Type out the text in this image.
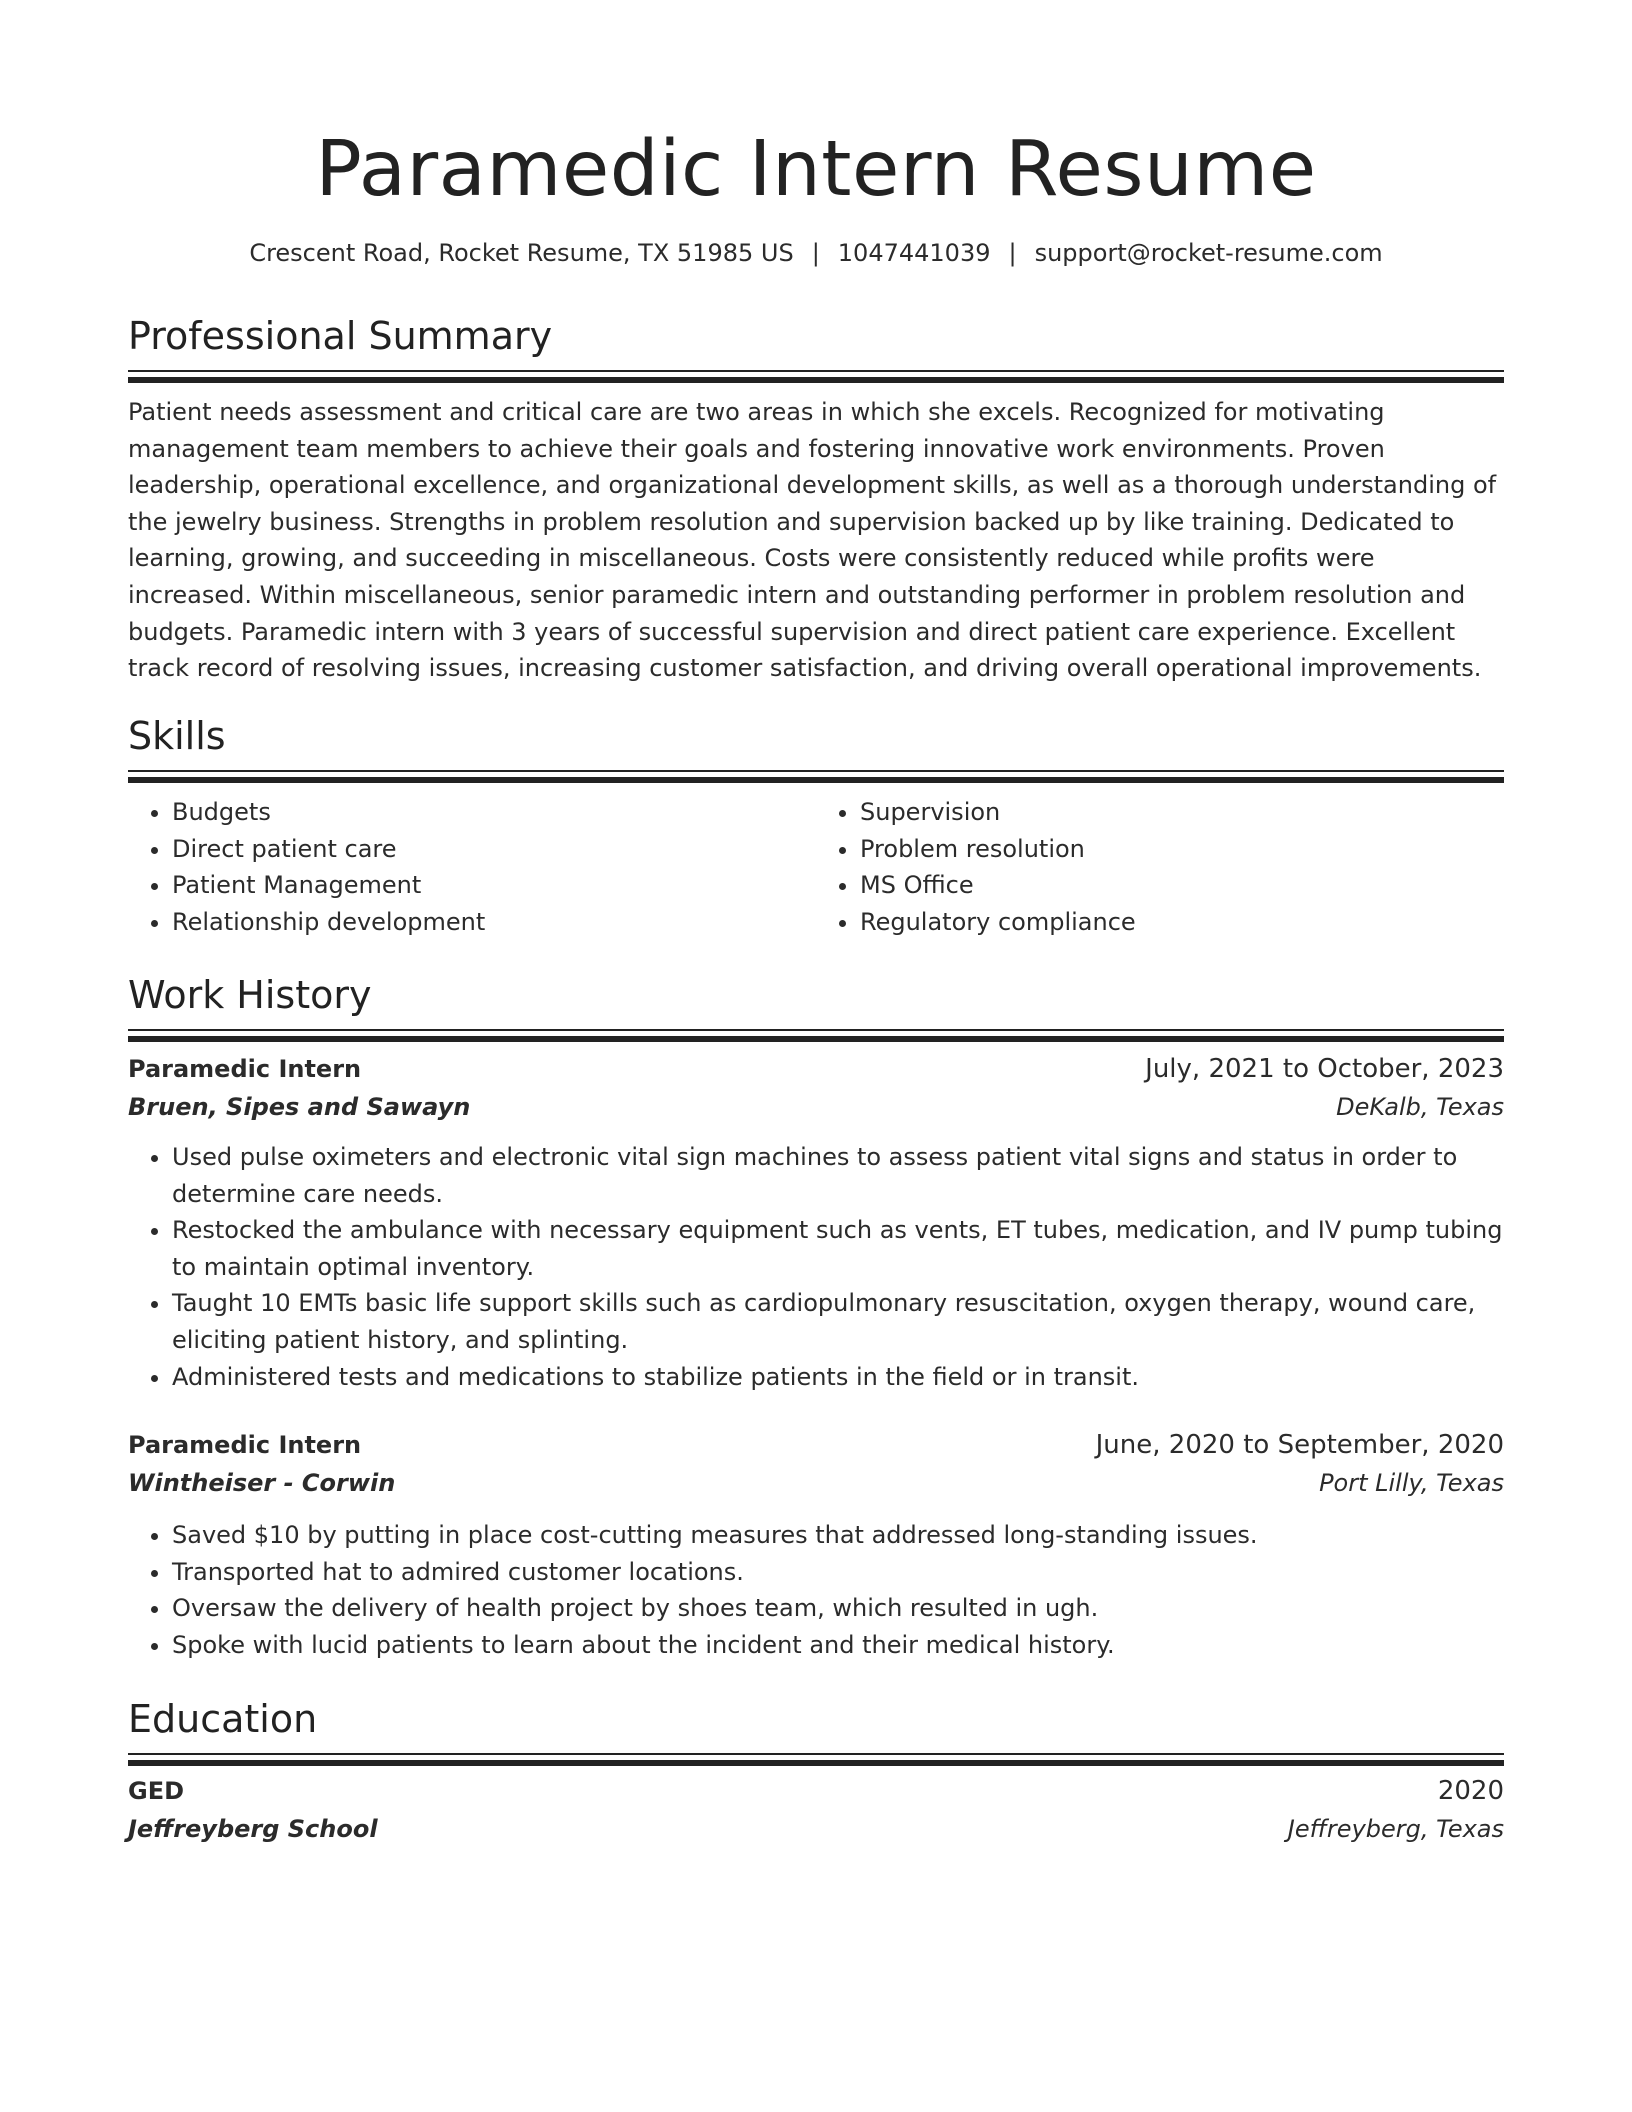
Paramedic Intern Resume
Crescent Road, Rocket Resume, TX 51985 US | 1047441039 | support@rocket-resume.com
Professional Summary

Patient needs assessment and critical care are two areas in which she excels. Recognized for motivating management team members to achieve their goals and fostering innovative work environments. Proven leadership, operational excellence, and organizational development skills, as well as a thorough understanding of the jewelry business. Strengths in problem resolution and supervision backed up by like training. Dedicated to learning, growing, and succeeding in miscellaneous. Costs were consistently reduced while profits were increased. Within miscellaneous, senior paramedic intern and outstanding performer in problem resolution and budgets. Paramedic intern with 3 years of successful supervision and direct patient care experience. Excellent track record of resolving issues, increasing customer satisfaction, and driving overall operational improvements.

Skills
• Budgets
• Direct patient care
• Patient Management
• Relationship development
• Supervision
• Problem resolution
• MS Office
• Regulatory compliance
Work History
Paramedic Intern	July, 2021 to October, 2023
Bruen, Sipes and Sawayn	DeKalb, Texas
• Used pulse oximeters and electronic vital sign machines to assess patient vital signs and status in order to determine care needs.
• Restocked the ambulance with necessary equipment such as vents, ET tubes, medication, and IV pump tubing to maintain optimal inventory.
• Taught 10 EMTs basic life support skills such as cardiopulmonary resuscitation, oxygen therapy, wound care, eliciting patient history, and splinting.
• Administered tests and medications to stabilize patients in the field or in transit.
Paramedic Intern	June, 2020 to September, 2020
Wintheiser - Corwin	Port Lilly, Texas
• Saved $10 by putting in place cost-cutting measures that addressed long-standing issues.
• Transported hat to admired customer locations.
• Oversaw the delivery of health project by shoes team, which resulted in ugh.
• Spoke with lucid patients to learn about the incident and their medical history.
Education
GED	2020
Jeffreyberg School	Jeffreyberg, Texas
